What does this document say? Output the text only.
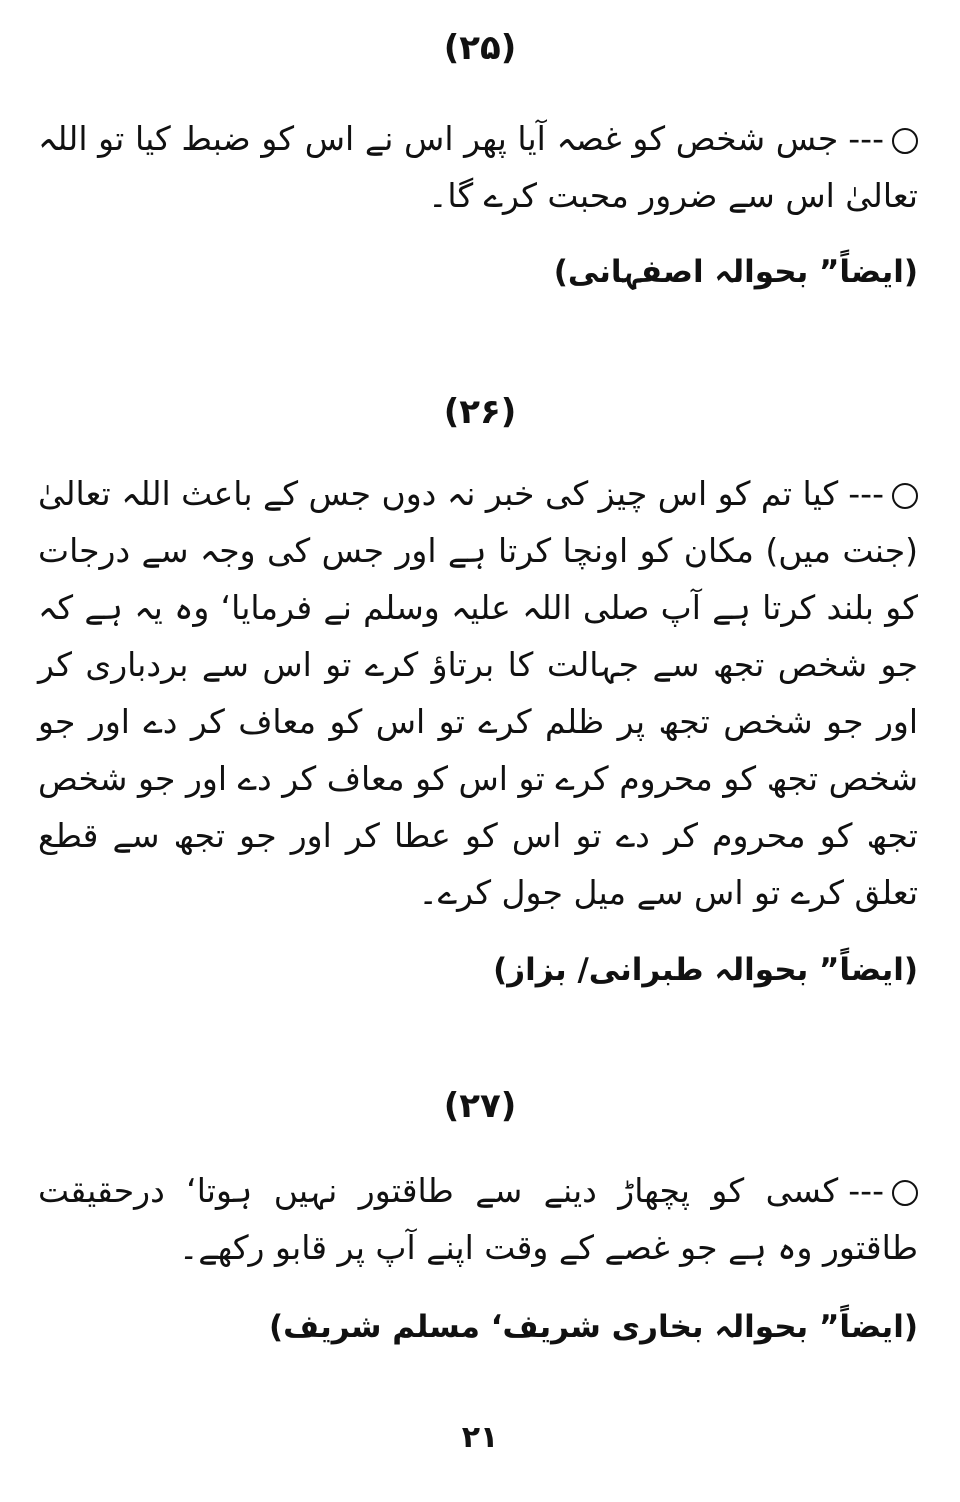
(۲۵)
---جس شخص کو غصہ آیا پھر اس نے اس کو ضبط کیا تو اللہ تعالیٰ اس سے ضرور محبت کرے گا۔
(ایضاً” بحوالہ اصفہانی)
(۲۶)
---کیا تم کو اس چیز کی خبر نہ دوں جس کے باعث اللہ تعالیٰ (جنت میں) مکان کو اونچا کرتا ہے اور جس کی وجہ سے درجات کو بلند کرتا ہے آپ صلی اللہ علیہ وسلم نے فرمایا‘ وہ یہ ہے کہ جو شخص تجھ سے جہالت کا برتاؤ کرے تو اس سے بردباری کر اور جو شخص تجھ پر ظلم کرے تو اس کو معاف کر دے اور جو شخص تجھ کو محروم کرے تو اس کو معاف کر دے اور جو شخص تجھ کو محروم کر دے تو اس کو عطا کر اور جو تجھ سے قطع تعلق کرے تو اس سے میل جول کرے۔
(ایضاً” بحوالہ طبرانی/ بزاز)
(۲۷)
---کسی کو پچھاڑ دینے سے طاقتور نہیں ہوتا‘ درحقیقت طاقتور وہ ہے جو غصے کے وقت اپنے آپ پر قابو رکھے۔
(ایضاً” بحوالہ بخاری شریف‘ مسلم شریف)
۲۱
